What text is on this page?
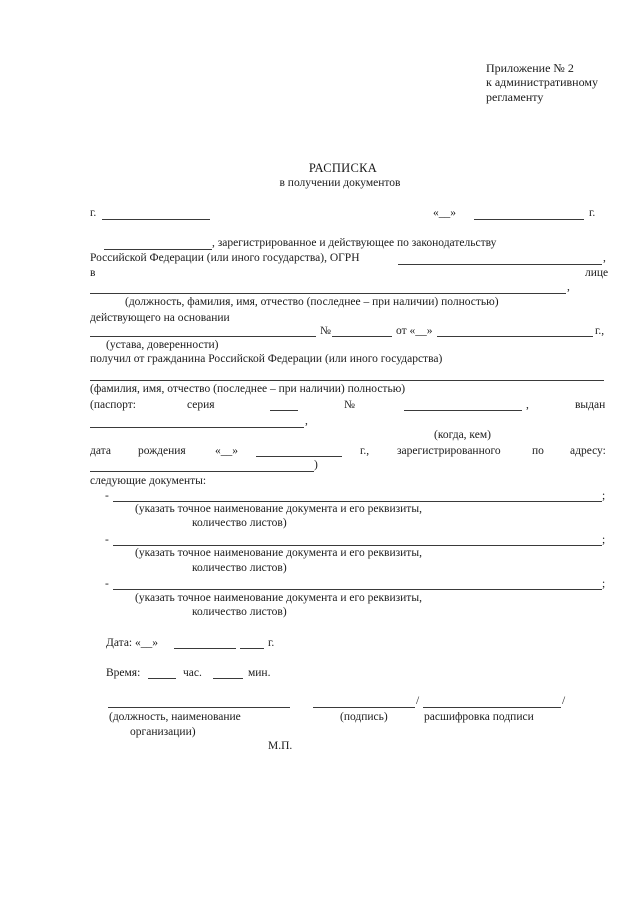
Приложение № 2
к административному
регламенту
РАСПИСКА
в получении документов
г.	«__»	г.
, зарегистрированное и действующее по законодательству
Российской Федерации (или иного государства), ОГРН	,
в	лице
,
(должность, фамилия, имя, отчество (последнее – при наличии) полностью)
действующего на основании
№	от «__»	г.,
(устава, доверенности)
получил от гражданина Российской Федерации (или иного государства)
(фамилия, имя, отчество (последнее – при наличии) полностью)
(паспорт:	серия	№	,	выдан
,
(когда, кем)
дата рождения	«__»	г., зарегистрированного	по адресу:
)
следующие документы:
-	;
(указать точное наименование документа и его реквизиты,
количество листов)
-	;
(указать точное наименование документа и его реквизиты,
количество листов)
-	;
(указать точное наименование документа и его реквизиты,
количество листов)
Дата: «__»	г.
Время:	час.	мин.
/	/
(должность, наименование
организации)
(подпись)	расшифровка подписи
М.П.
